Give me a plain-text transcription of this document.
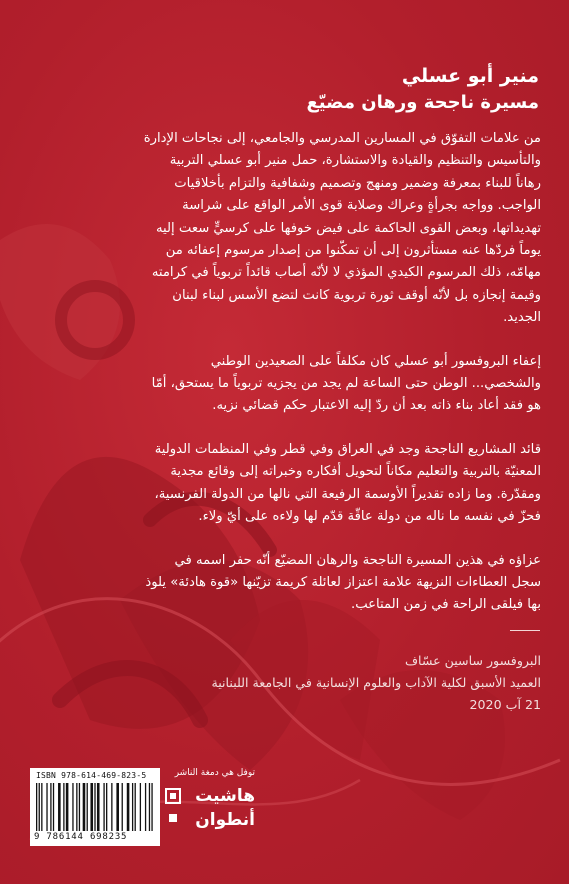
منير أبو عسلي
مسيرة ناجحة ورهان مضيّع

من علامات التفوّق في المسارين المدرسي والجامعي، إلى نجاحات الإدارة والتأسيس والتنظيم والقيادة والاستشارة، حمل منير أبو عسلي التربية رهاناً للبناء بمعرفة وضمير ومنهج وتصميم وشفافية والتزام بأخلاقيات الواجب. وواجه بجرأةٍ وعراك وصلابة قوى الأمر الواقع على شراسة تهديداتها، وبعض القوى الحاكمة على فيض خوفها على كرسيٍّ سعت إليه يوماً فردّها عنه مستأثرون إلى أن تمكّنوا من إصدار مرسوم إعفائه من مهامّه، ذلك المرسوم الكيدي المؤذي لا لأنّه أصاب قائداً تربوياً في كرامته وقيمة إنجازه بل لأنّه أوقف ثورة تربوية كانت لتضع الأسس لبناء لبنان الجديد.

إعفاء البروفسور أبو عسلي كان مكلفاً على الصعيدين الوطني والشخصي... الوطن حتى الساعة لم يجد من يجزيه تربوياً ما يستحق، أمّا هو فقد أعاد بناء ذاته بعد أن ردّ إليه الاعتبار حكم قضائي نزيه.

قائد المشاريع الناجحة وجد في العراق وفي قطر وفي المنظمات الدولية المعنيّة بالتربية والتعليم مكاناً لتحويل أفكاره وخبراته إلى وقائع مجدية ومقدّرة. وما زاده تقديراً الأوسمة الرفيعة التي نالها من الدولة الفرنسية، فحزّ في نفسه ما ناله من دولة عاقّة قدّم لها ولاءه على أيّ ولاء.

عزاؤه في هذين المسيرة الناجحة والرهان المضيّع أنّه حفر اسمه في سجل العطاءات النزيهة علامة اعتزاز لعائلة كريمة تزيّنها «قوة هادئة» يلوذ بها فيلقى الراحة في زمن المتاعب.

البروفسور ساسين عسّاف
العميد الأسبق لكلية الآداب والعلوم الإنسانية في الجامعة اللبنانية
21 آب 2020
ISBN 978-614-469-823-5
9 786144 698235
توفل هي دمغة الناشر
هاشيت
أنطوان
